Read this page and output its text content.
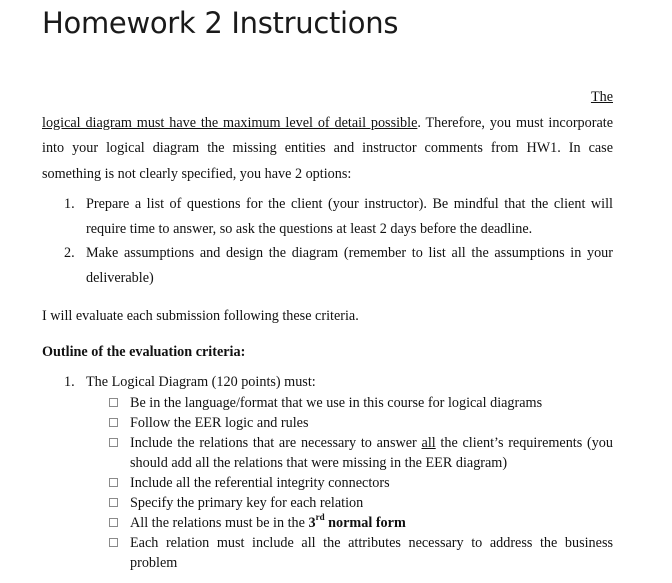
Homework 2 Instructions
The
logical diagram must have the maximum level of detail possible. Therefore, you must incorporate
into your logical diagram the missing entities and instructor comments from HW1. In case
something is not clearly specified, you have 2 options:
1. Prepare a list of questions for the client (your instructor). Be mindful that the client will
require time to answer, so ask the questions at least 2 days before the deadline.
2. Make assumptions and design the diagram (remember to list all the assumptions in your
deliverable)
I will evaluate each submission following these criteria.
Outline of the evaluation criteria:
1. The Logical Diagram (120 points) must:
Be in the language/format that we use in this course for logical diagrams
Follow the EER logic and rules
Include the relations that are necessary to answer all the client’s requirements (you
should add all the relations that were missing in the EER diagram)
Include all the referential integrity connectors
Specify the primary key for each relation
All the relations must be in the 3rd normal form
Each relation must include all the attributes necessary to address the business
problem
